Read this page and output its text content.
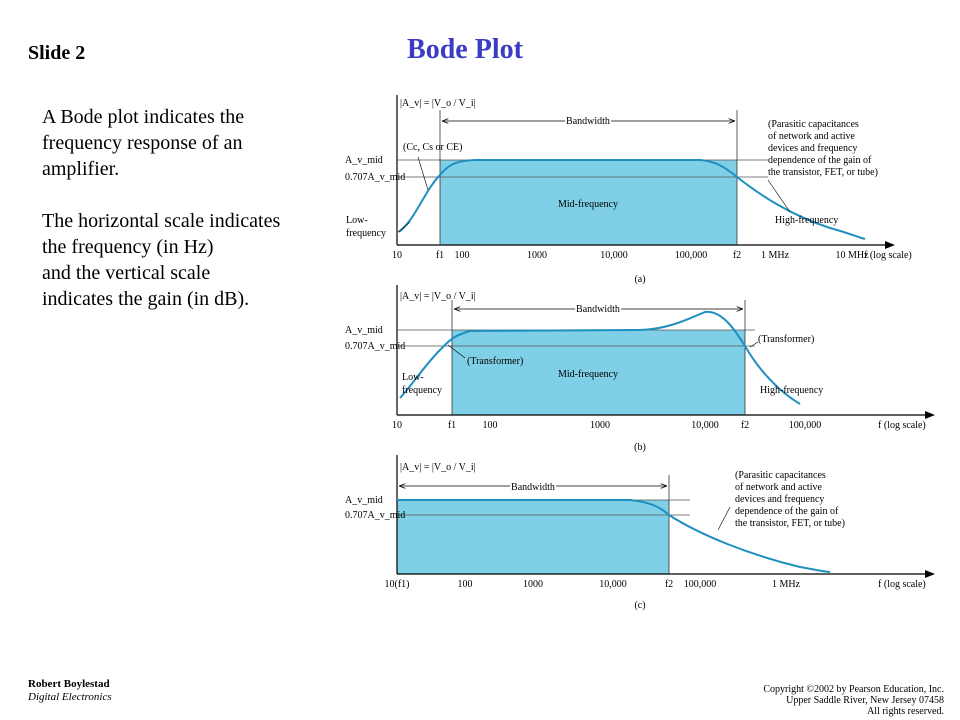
Slide 2	Bode Plot

A Bode plot indicates the

frequency response of an

amplifier.

The horizontal scale indicates

the frequency (in Hz)

and the vertical scale

indicates the gain (in dB).

|A_v| = |V_o / V_i|
A_v_mid
0.707A_v_mid
Bandwidth
Mid-frequency
Low-
frequency
High-frequency
(Cc, Cs or CE)
(Parasitic capacitances
of network and active
devices and frequency
dependence of the gain of
the transistor, FET, or tube)
10	f1 100	1000	10,000	100,000	f2 1 MHz	10 MHz
f (log scale)
(a)
|A_v| = |V_o / V_i|
A_v_mid
0.707A_v_mid
Bandwidth
Mid-frequency
(Transformer)
(Transformer)
Low-
frequency	High-frequency
10	f1	100	1000	10,000 f2	100,000	f (log scale)
(b)
|A_v| = |V_o / V_i|
A_v_mid
0.707A_v_mid
Bandwidth
(Parasitic capacitances
of network and active
devices and frequency
dependence of the gain of
the transistor, FET, or tube)
10(f1)	100	1000	10,000	f2 100,000	1 MHz	f (log scale)
(c)
Robert Boylestad
Digital Electronics
Copyright ©2002 by Pearson Education, Inc.
Upper Saddle River, New Jersey 07458
All rights reserved.
